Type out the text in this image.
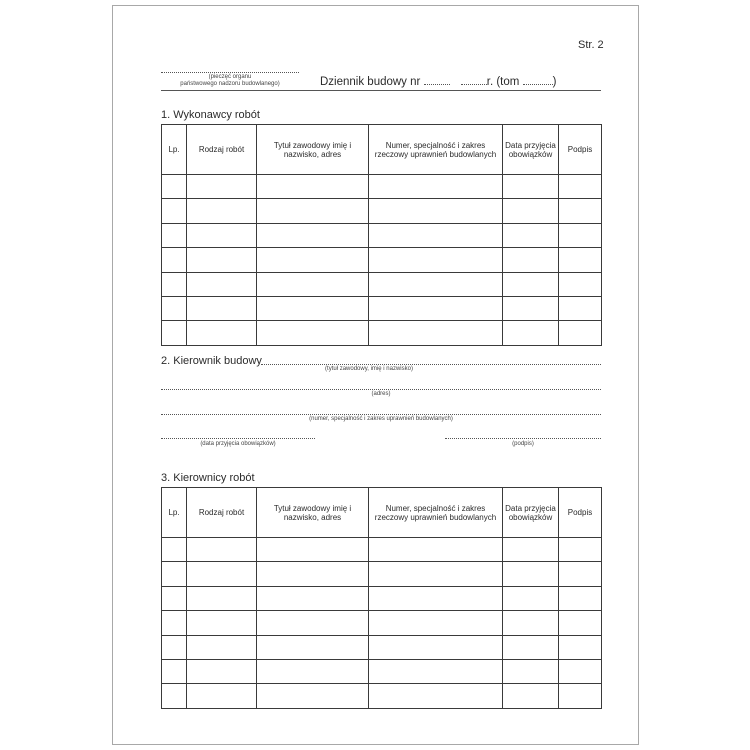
Str. 2
(pieczęć organu
państwowego nadzoru budowlanego)	Dziennik budowy nr	r. (tom	)
1. Wykonawcy robót
Lp.	Rodzaj robót	Tytuł zawodowy imię i nazwisko, adres	Numer, specjalność i zakres rzeczowy uprawnień budowlanych	Data przyjęcia obowiązków	Podpis

2. Kierownik budowy
(tytuł zawodowy, imię i nazwisko)
(adres)
(numer, specjalność i zakres uprawnień budowlanych)
(data przyjęcia obowiązków)	(podpis)
3. Kierownicy robót
Lp.	Rodzaj robót	Tytuł zawodowy imię i nazwisko, adres	Numer, specjalność i zakres rzeczowy uprawnień budowlanych	Data przyjęcia obowiązków	Podpis
